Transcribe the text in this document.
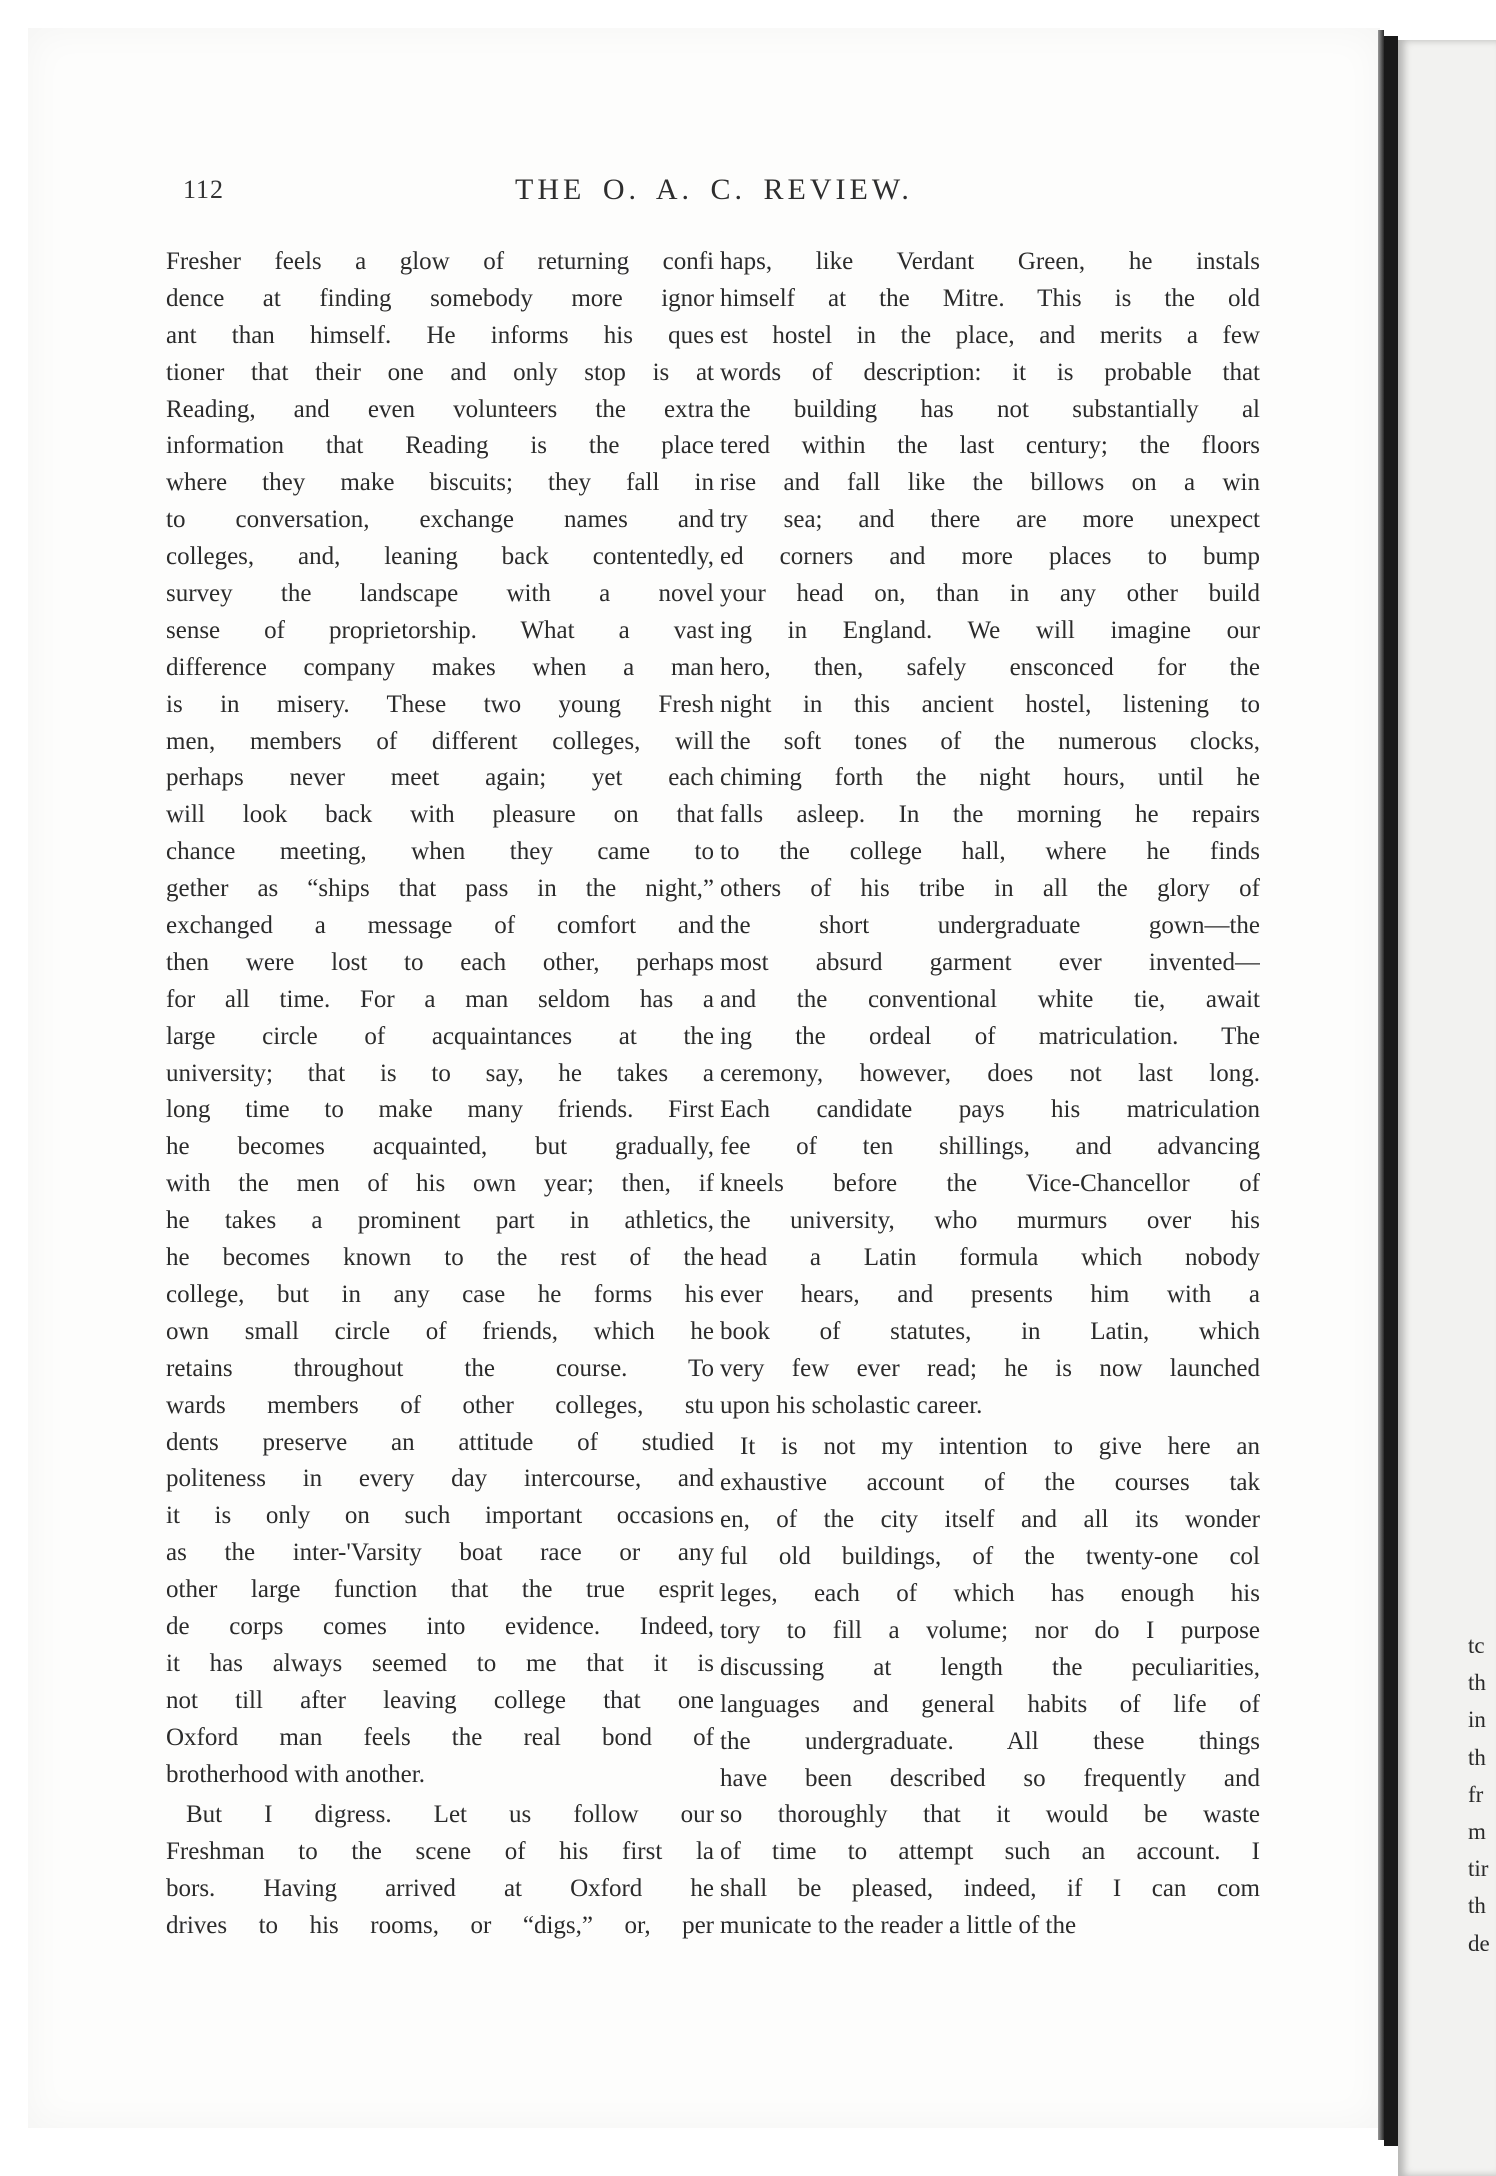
tc
th
in
th
fr
m
tir
th
de
112	THE O. A. C. REVIEW.
Fresher feels a glow of returning confi
dence at finding somebody more ignor
ant than himself. He informs his ques
tioner that their one and only stop is at
Reading, and even volunteers the extra
information that Reading is the place
where they make biscuits; they fall in
to conversation, exchange names and
colleges, and, leaning back contentedly,
survey the landscape with a novel
sense of proprietorship. What a vast
difference company makes when a man
is in misery. These two young Fresh
men, members of different colleges, will
perhaps never meet again; yet each
will look back with pleasure on that
chance meeting, when they came to
gether as “ships that pass in the night,”
exchanged a message of comfort and
then were lost to each other, perhaps
for all time. For a man seldom has a
large circle of acquaintances at the
university; that is to say, he takes a
long time to make many friends. First
he becomes acquainted, but gradually,
with the men of his own year; then, if
he takes a prominent part in athletics,
he becomes known to the rest of the
college, but in any case he forms his
own small circle of friends, which he
retains throughout the course. To
wards members of other colleges, stu
dents preserve an attitude of studied
politeness in every day intercourse, and
it is only on such important occasions
as the inter-'Varsity boat race or any
other large function that the true esprit
de corps comes into evidence. Indeed,
it has always seemed to me that it is
not till after leaving college that one
Oxford man feels the real bond of
brotherhood with another.
But I digress. Let us follow our
Freshman to the scene of his first la
bors. Having arrived at Oxford he
drives to his rooms, or “digs,” or, per
haps, like Verdant Green, he instals
himself at the Mitre. This is the old
est hostel in the place, and merits a few
words of description: it is probable that
the building has not substantially al
tered within the last century; the floors
rise and fall like the billows on a win
try sea; and there are more unexpect
ed corners and more places to bump
your head on, than in any other build
ing in England. We will imagine our
hero, then, safely ensconced for the
night in this ancient hostel, listening to
the soft tones of the numerous clocks,
chiming forth the night hours, until he
falls asleep. In the morning he repairs
to the college hall, where he finds
others of his tribe in all the glory of
the short undergraduate gown—the
most absurd garment ever invented—
and the conventional white tie, await
ing the ordeal of matriculation. The
ceremony, however, does not last long.
Each candidate pays his matriculation
fee of ten shillings, and advancing
kneels before the Vice-Chancellor of
the university, who murmurs over his
head a Latin formula which nobody
ever hears, and presents him with a
book of statutes, in Latin, which
very few ever read; he is now launched
upon his scholastic career.
It is not my intention to give here an
exhaustive account of the courses tak
en, of the city itself and all its wonder
ful old buildings, of the twenty-one col
leges, each of which has enough his
tory to fill a volume; nor do I purpose
discussing at length the peculiarities,
languages and general habits of life of
the undergraduate. All these things
have been described so frequently and
so thoroughly that it would be waste
of time to attempt such an account. I
shall be pleased, indeed, if I can com
municate to the reader a little of the
